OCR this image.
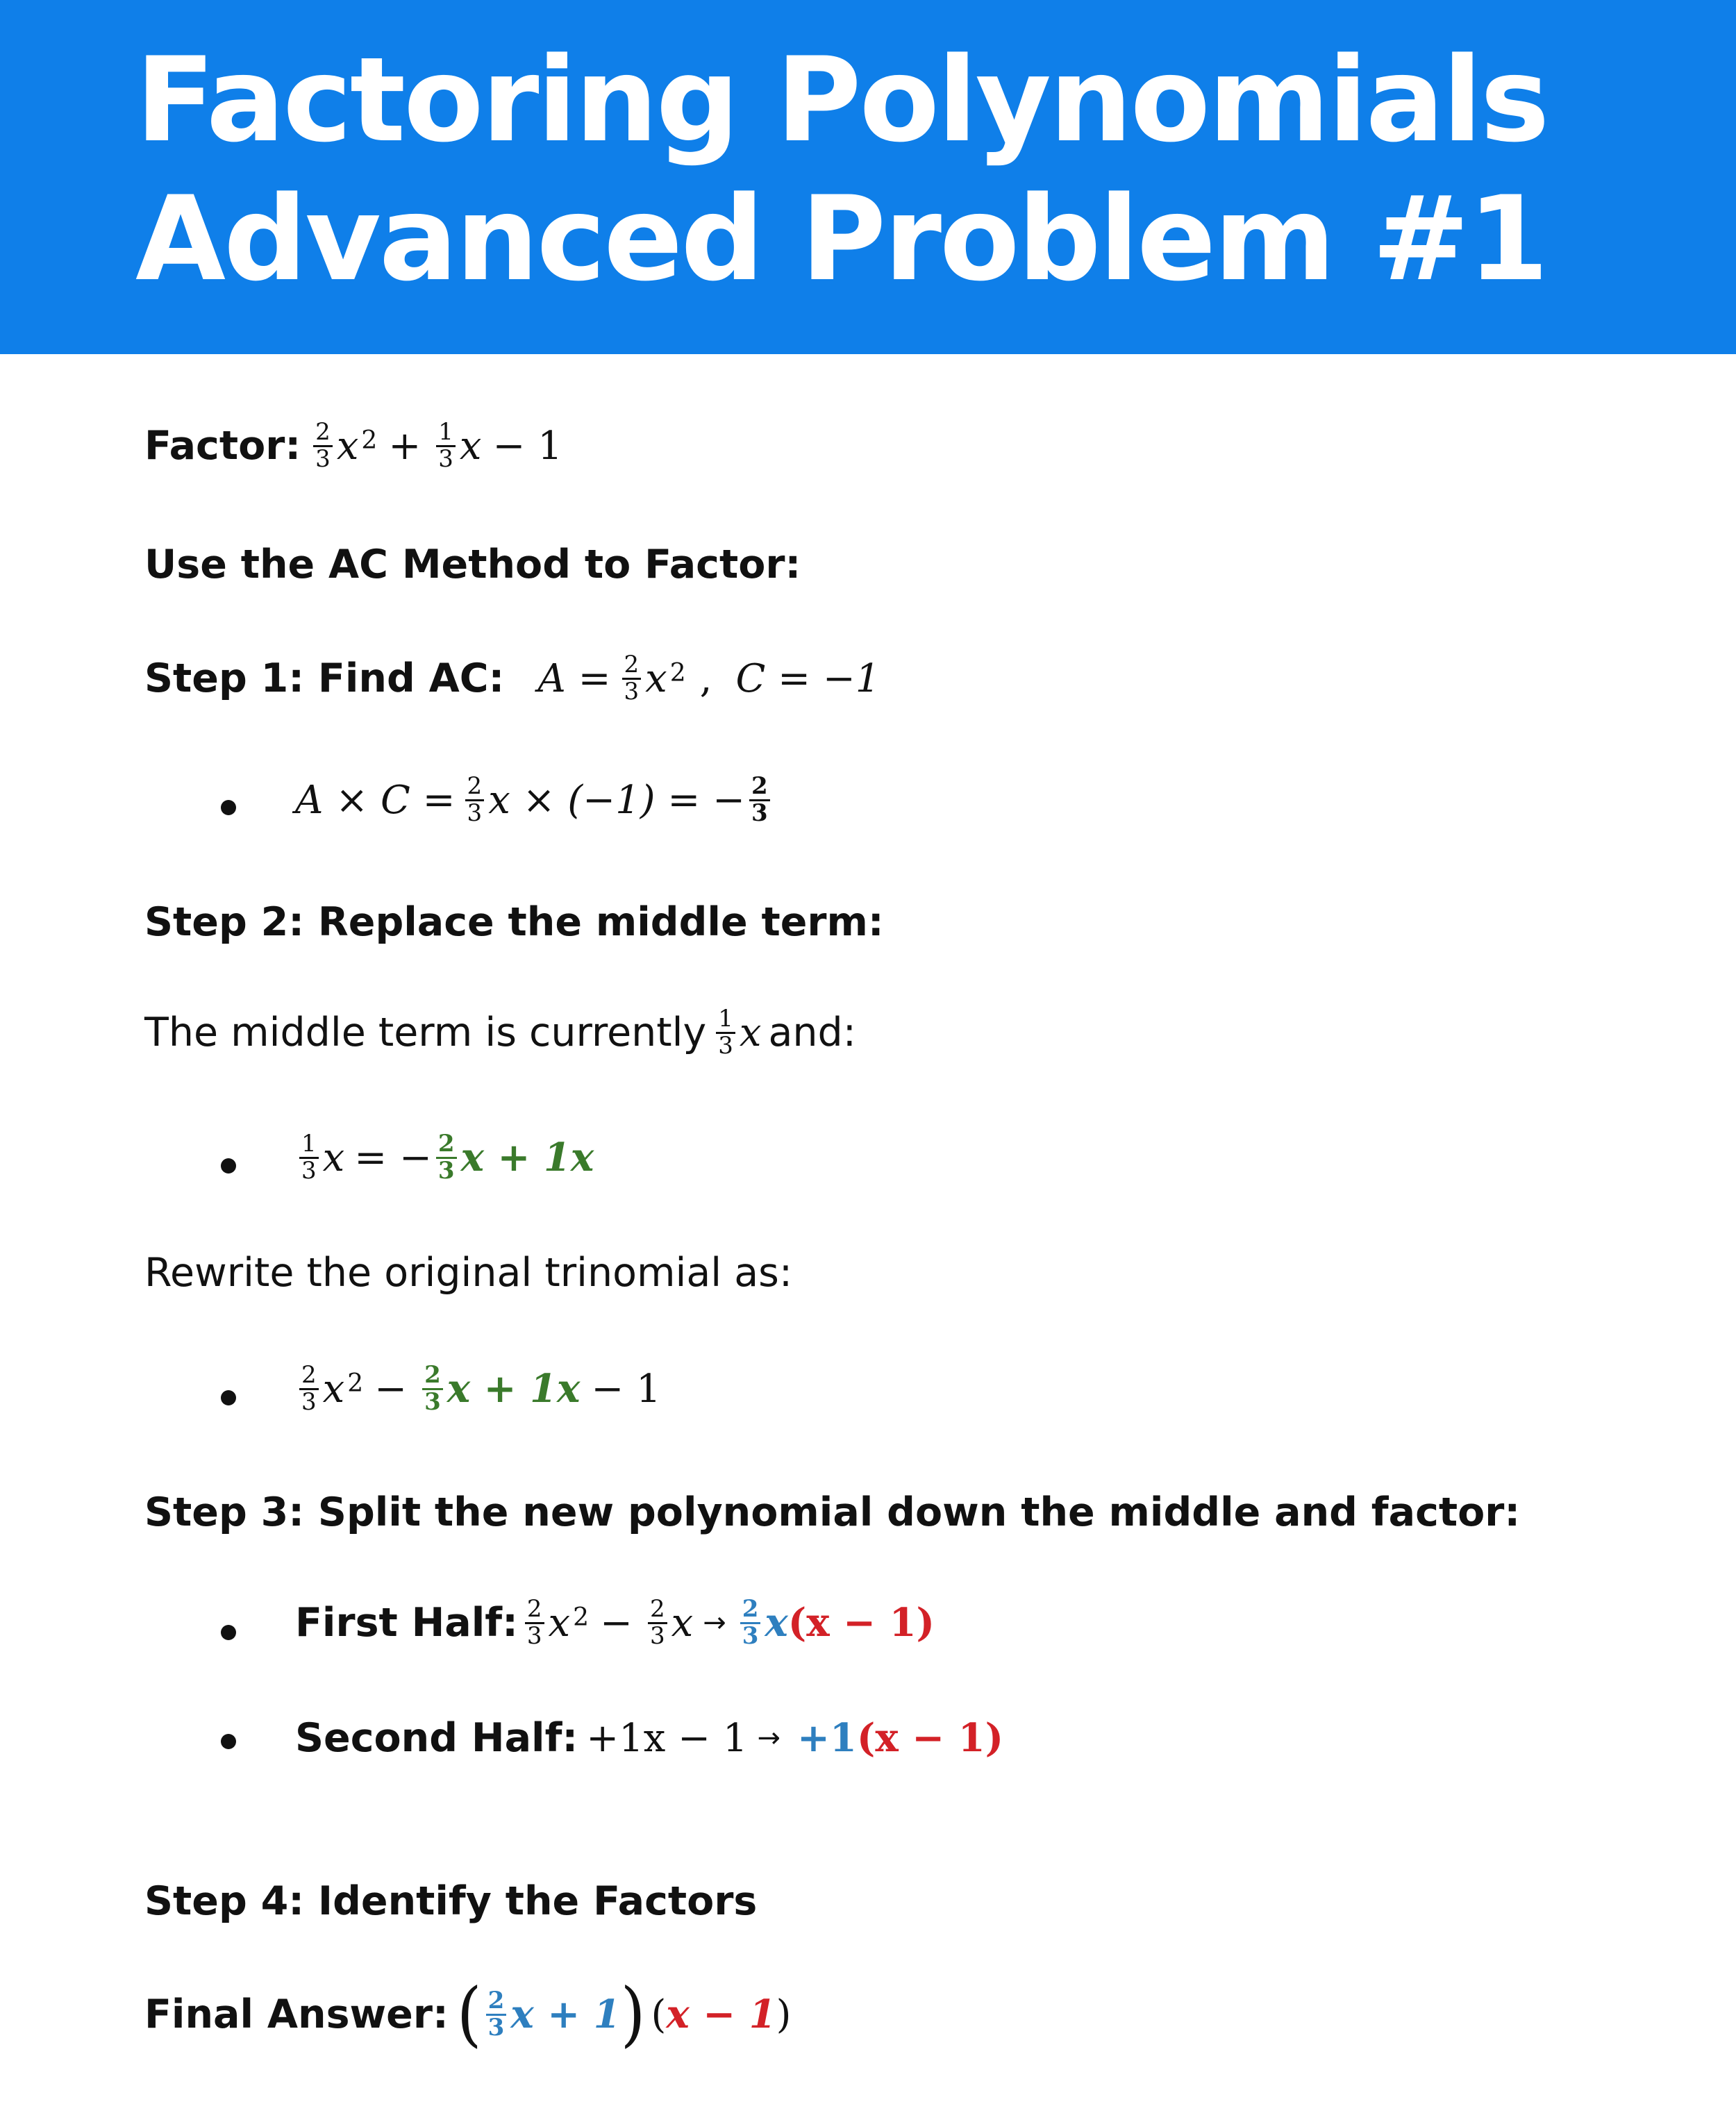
Factoring Polynomials
Advanced Problem #1
Factor: $\frac{2}{3} x^2 + \frac{1}{3}$ x − 1
Use the AC Method to Factor:
Step 1: Find AC: $A = \frac{2}{3} x^2$ , C = −1
$A \times C = \frac{2}{3}$ x × (−1) = − $\frac{2}{3}$
Step 2: Replace the middle term:
The middle term is currently $\frac{1}{3}$ x and:
$\frac{1}{3}$ x = − $\frac{2}{3}$ x + 1x
Rewrite the original trinomial as:
$\frac{2}{3} x^2 - \frac{2}{3}$ x + 1x − 1
Step 3: Split the new polynomial down the middle and factor:
First Half: $\frac{2}{3} x^2 - \frac{2}{3}$ $x \to \frac{2}{3}$ x (x − 1)
Second Half: +1x − 1 → +1 (x − 1)
Step 4: Identify the Factors
Final Answer: ( $\frac{2}{3}$ x + 1 ) ( x − 1 )
